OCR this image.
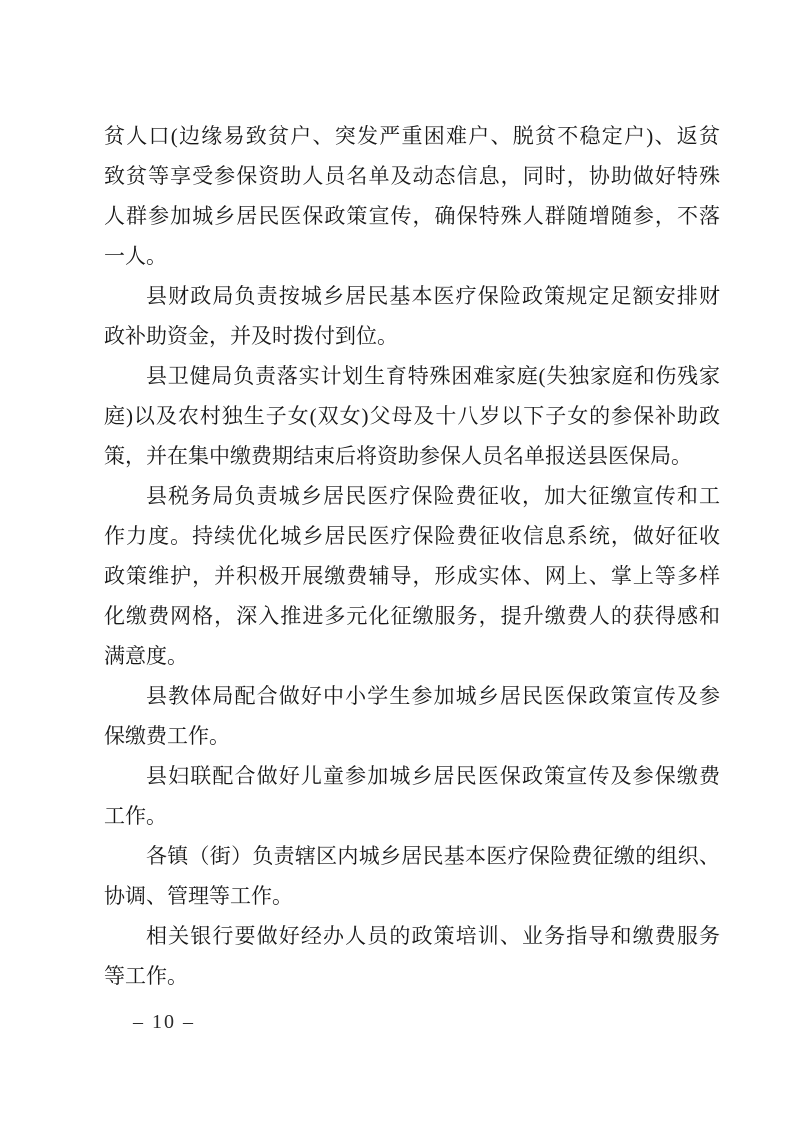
贫人口(边缘易致贫户、突发严重困难户、脱贫不稳定户)、返贫
致贫等享受参保资助人员名单及动态信息，同时，协助做好特殊
人群参加城乡居民医保政策宣传，确保特殊人群随增随参，不落
一人。
县财政局负责按城乡居民基本医疗保险政策规定足额安排财
政补助资金，并及时拨付到位。
县卫健局负责落实计划生育特殊困难家庭(失独家庭和伤残家
庭)以及农村独生子女(双女)父母及十八岁以下子女的参保补助政
策，并在集中缴费期结束后将资助参保人员名单报送县医保局。
县税务局负责城乡居民医疗保险费征收，加大征缴宣传和工
作力度。持续优化城乡居民医疗保险费征收信息系统，做好征收
政策维护，并积极开展缴费辅导，形成实体、网上、掌上等多样
化缴费网格，深入推进多元化征缴服务，提升缴费人的获得感和
满意度。
县教体局配合做好中小学生参加城乡居民医保政策宣传及参
保缴费工作。
县妇联配合做好儿童参加城乡居民医保政策宣传及参保缴费
工作。
各镇（街）负责辖区内城乡居民基本医疗保险费征缴的组织、
协调、管理等工作。
相关银行要做好经办人员的政策培训、业务指导和缴费服务
等工作。
– 10 –
